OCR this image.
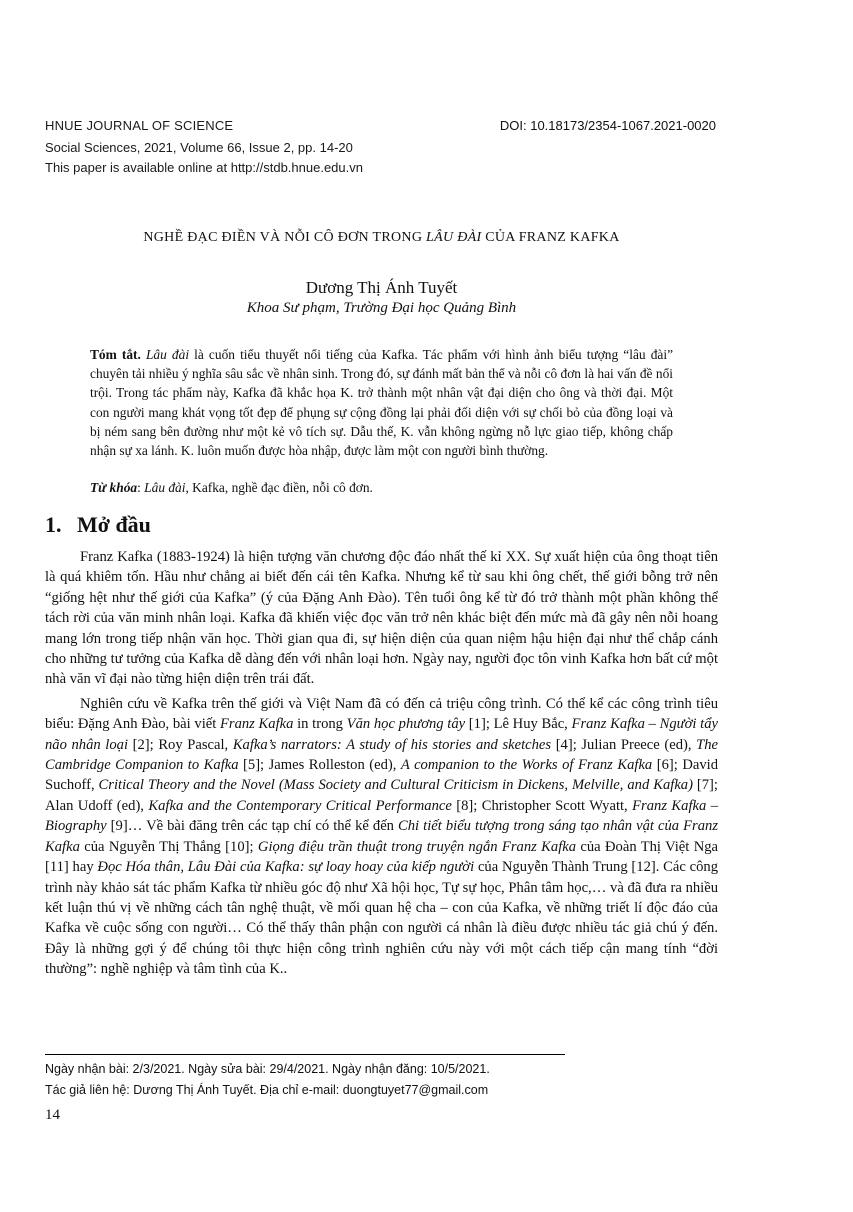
HNUE JOURNAL OF SCIENCE	DOI: 10.18173/2354-1067.2021-0020
Social Sciences, 2021, Volume 66, Issue 2, pp. 14-20
This paper is available online at http://stdb.hnue.edu.vn
NGHỀ ĐẠC ĐIỀN VÀ NỖI CÔ ĐƠN TRONG LÂU ĐÀI CỦA FRANZ KAFKA
Dương Thị Ánh Tuyết
Khoa Sư phạm, Trường Đại học Quảng Bình
Tóm tắt. Lâu đài là cuốn tiểu thuyết nổi tiếng của Kafka. Tác phẩm với hình ảnh biểu tượng “lâu đài” chuyên tải nhiều ý nghĩa sâu sắc về nhân sinh. Trong đó, sự đánh mất bản thể và nỗi cô đơn là hai vấn đề nổi trội. Trong tác phẩm này, Kafka đã khắc họa K. trở thành một nhân vật đại diện cho ông và thời đại. Một con người mang khát vọng tốt đẹp để phụng sự cộng đồng lại phải đối diện với sự chối bỏ của đồng loại và bị ném sang bên đường như một kẻ vô tích sự. Dẫu thế, K. vẫn không ngừng nỗ lực giao tiếp, không chấp nhận sự xa lánh. K. luôn muốn được hòa nhập, được làm một con người bình thường.
Từ khóa: Lâu đài, Kafka, nghề đạc điền, nỗi cô đơn.
1. Mở đầu

Franz Kafka (1883-1924) là hiện tượng văn chương độc đáo nhất thế kỉ XX. Sự xuất hiện của ông thoạt tiên là quá khiêm tốn. Hầu như chẳng ai biết đến cái tên Kafka. Nhưng kể từ sau khi ông chết, thế giới bỗng trở nên “giống hệt như thế giới của Kafka” (ý của Đặng Anh Đào). Tên tuổi ông kể từ đó trở thành một phần không thể tách rời của văn minh nhân loại. Kafka đã khiến việc đọc văn trở nên khác biệt đến mức mà đã gây nên nỗi hoang mang lớn trong tiếp nhận văn học. Thời gian qua đi, sự hiện diện của quan niệm hậu hiện đại như thể chắp cánh cho những tư tưởng của Kafka dễ dàng đến với nhân loại hơn. Ngày nay, người đọc tôn vinh Kafka hơn bất cứ một nhà văn vĩ đại nào từng hiện diện trên trái đất.

Nghiên cứu về Kafka trên thế giới và Việt Nam đã có đến cả triệu công trình. Có thể kể các công trình tiêu biểu: Đặng Anh Đào, bài viết Franz Kafka in trong Văn học phương tây [1]; Lê Huy Bắc, Franz Kafka – Người tẩy não nhân loại [2]; Roy Pascal, Kafka’s narrators: A study of his stories and sketches [4]; Julian Preece (ed), The Cambridge Companion to Kafka [5]; James Rolleston (ed), A companion to the Works of Franz Kafka [6]; David Suchoff, Critical Theory and the Novel (Mass Society and Cultural Criticism in Dickens, Melville, and Kafka) [7]; Alan Udoff (ed), Kafka and the Contemporary Critical Performance [8]; Christopher Scott Wyatt, Franz Kafka – Biography [9]… Về bài đăng trên các tạp chí có thể kể đến Chi tiết biểu tượng trong sáng tạo nhân vật của Franz Kafka của Nguyễn Thị Thắng [10]; Giọng điệu trần thuật trong truyện ngắn Franz Kafka của Đoàn Thị Việt Nga [11] hay Đọc Hóa thân, Lâu Đài của Kafka: sự loay hoay của kiếp người của Nguyễn Thành Trung [12]. Các công trình này khảo sát tác phẩm Kafka từ nhiều góc độ như Xã hội học, Tự sự học, Phân tâm học,… và đã đưa ra nhiều kết luận thú vị về những cách tân nghệ thuật, về mối quan hệ cha – con của Kafka, về những triết lí độc đáo của Kafka về cuộc sống con người… Có thể thấy thân phận con người cá nhân là điều được nhiều tác giả chú ý đến. Đây là những gợi ý để chúng tôi thực hiện công trình nghiên cứu này với một cách tiếp cận mang tính “đời thường”: nghề nghiệp và tâm tình của K..

Ngày nhận bài: 2/3/2021. Ngày sửa bài: 29/4/2021. Ngày nhận đăng: 10/5/2021.
Tác giả liên hệ: Dương Thị Ánh Tuyết. Địa chỉ e-mail: duongtuyet77@gmail.com
14
